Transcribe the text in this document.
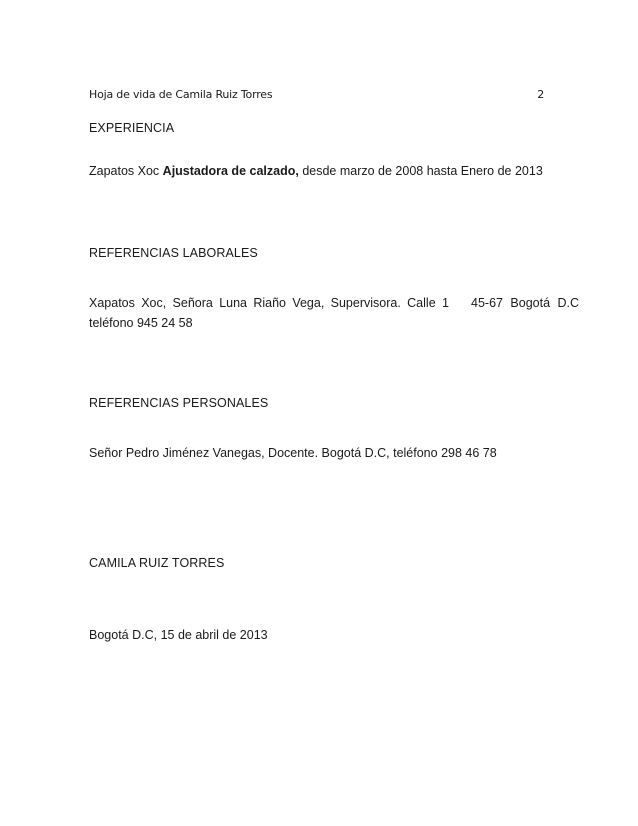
Hoja de vida de Camila Ruiz Torres	2
EXPERIENCIA
Zapatos Xoc Ajustadora de calzado, desde marzo de 2008 hasta Enero de 2013
REFERENCIAS LABORALES
Xapatos Xoc, Señora Luna Riaño Vega, Supervisora. Calle 1 45-67 Bogotá D.C
teléfono 945 24 58
REFERENCIAS PERSONALES
Señor Pedro Jiménez Vanegas, Docente. Bogotá D.C, teléfono 298 46 78
CAMILA RUIZ TORRES
Bogotá D.C, 15 de abril de 2013
